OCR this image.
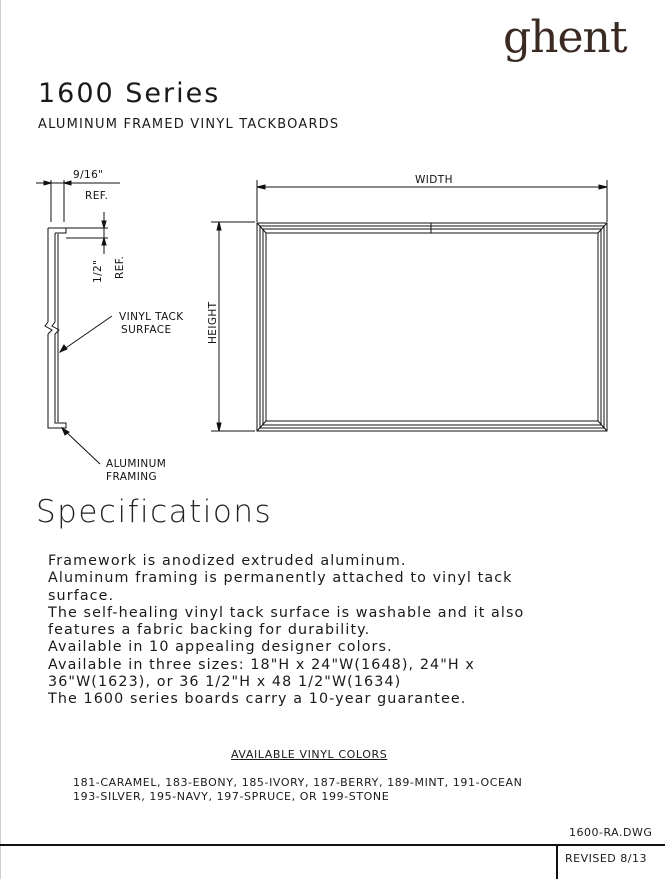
ghent
1600 Series
ALUMINUM FRAMED VINYL TACKBOARDS
9/16"
REF.
1/2" REF.
VINYL TACK
SURFACE
ALUMINUM
FRAMING
WIDTH
HEIGHT
Specifications
Framework is anodized extruded aluminum.
Aluminum framing is permanently attached to vinyl tack
surface.
The self-healing vinyl tack surface is washable and it also
features a fabric backing for durability.
Available in 10 appealing designer colors.
Available in three sizes: 18"H x 24"W(1648), 24"H x
36"W(1623), or 36 1/2"H x 48 1/2"W(1634)
The 1600 series boards carry a 10-year guarantee.
AVAILABLE VINYL COLORS
181-CARAMEL, 183-EBONY, 185-IVORY, 187-BERRY, 189-MINT, 191-OCEAN
193-SILVER, 195-NAVY, 197-SPRUCE, OR 199-STONE
1600-RA.DWG
REVISED 8/13
